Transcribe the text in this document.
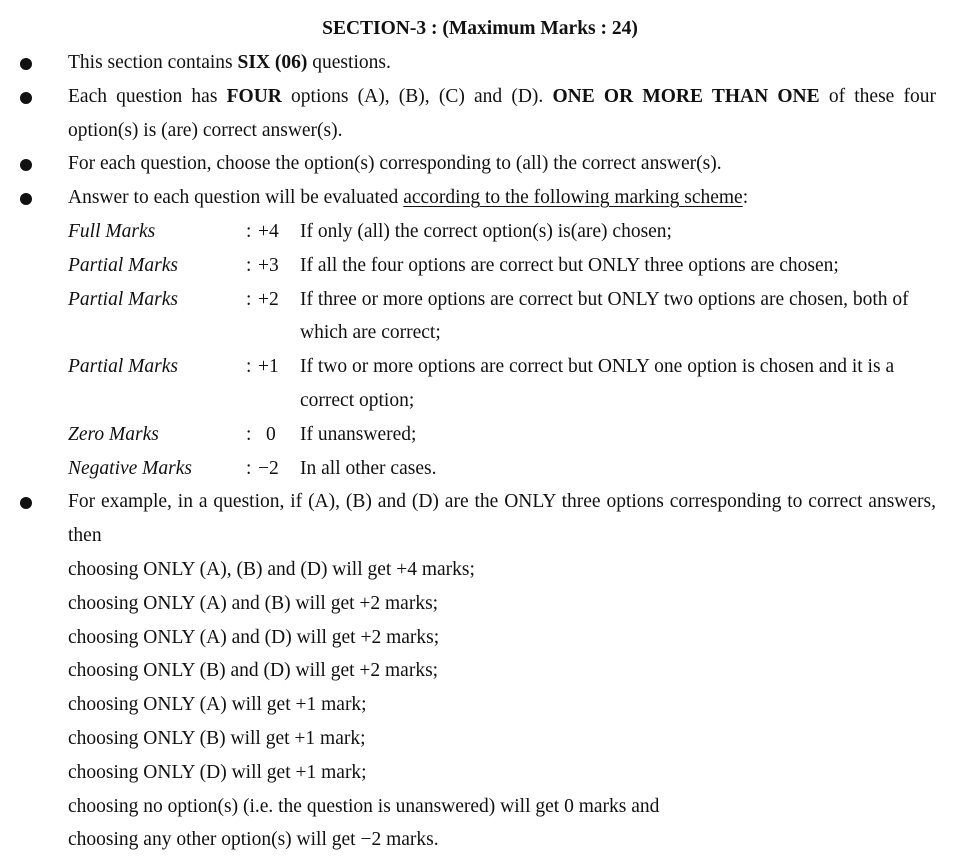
SECTION-3 : (Maximum Marks : 24)
This section contains SIX (06) questions.
Each question has FOUR options (A), (B), (C) and (D). ONE OR MORE THAN ONE of these four option(s) is (are) correct answer(s).
For each question, choose the option(s) corresponding to (all) the correct answer(s).
Answer to each question will be evaluated according to the following marking scheme:
Full Marks	: +4	If only (all) the correct option(s) is(are) chosen;
Partial Marks	: +3	If all the four options are correct but ONLY three options are chosen;
Partial Marks	: +2	If three or more options are correct but ONLY two options are chosen, both of which are correct;
Partial Marks	: +1	If two or more options are correct but ONLY one option is chosen and it is a correct option;
Zero Marks	: 0	If unanswered;
Negative Marks	: −2	In all other cases.
For example, in a question, if (A), (B) and (D) are the ONLY three options corresponding to correct answers, then
choosing ONLY (A), (B) and (D) will get +4 marks;
choosing ONLY (A) and (B) will get +2 marks;
choosing ONLY (A) and (D) will get +2 marks;
choosing ONLY (B) and (D) will get +2 marks;
choosing ONLY (A) will get +1 mark;
choosing ONLY (B) will get +1 mark;
choosing ONLY (D) will get +1 mark;
choosing no option(s) (i.e. the question is unanswered) will get 0 marks and
choosing any other option(s) will get −2 marks.
